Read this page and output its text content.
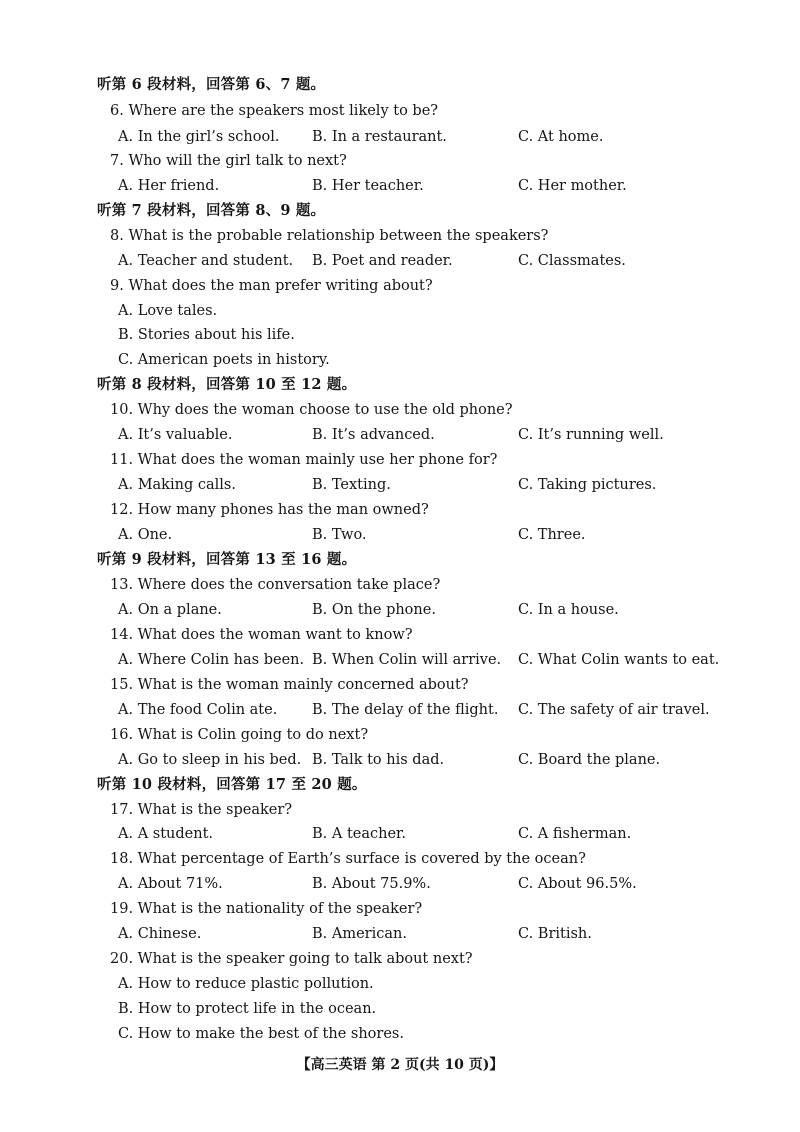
听第 6 段材料，回答第 6、7 题。
6. Where are the speakers most likely to be?
A. In the girl’s school. B. In a restaurant.	C. At home.
7. Who will the girl talk to next?
A. Her friend.	B. Her teacher.	C. Her mother.
听第 7 段材料，回答第 8、9 题。
8. What is the probable relationship between the speakers?
A. Teacher and student. B. Poet and reader.	C. Classmates.
9. What does the man prefer writing about?
A. Love tales.
B. Stories about his life.
C. American poets in history.
听第 8 段材料，回答第 10 至 12 题。
10. Why does the woman choose to use the old phone?
A. It’s valuable.	B. It’s advanced.	C. It’s running well.
11. What does the woman mainly use her phone for?
A. Making calls.	B. Texting.	C. Taking pictures.
12. How many phones has the man owned?
A. One.	B. Two.	C. Three.
听第 9 段材料，回答第 13 至 16 题。
13. Where does the conversation take place?
A. On a plane.	B. On the phone.	C. In a house.
14. What does the woman want to know?
A. Where Colin has been. B. When Colin will arrive. C. What Colin wants to eat.
15. What is the woman mainly concerned about?
A. The food Colin ate. B. The delay of the flight. C. The safety of air travel.
16. What is Colin going to do next?
A. Go to sleep in his bed. B. Talk to his dad.	C. Board the plane.
听第 10 段材料，回答第 17 至 20 题。
17. What is the speaker?
A. A student.	B. A teacher.	C. A fisherman.
18. What percentage of Earth’s surface is covered by the ocean?
A. About 71%.	B. About 75.9%.	C. About 96.5%.
19. What is the nationality of the speaker?
A. Chinese.	B. American.	C. British.
20. What is the speaker going to talk about next?
A. How to reduce plastic pollution.
B. How to protect life in the ocean.
C. How to make the best of the shores.
【高三英语 第 2 页(共 10 页)】
